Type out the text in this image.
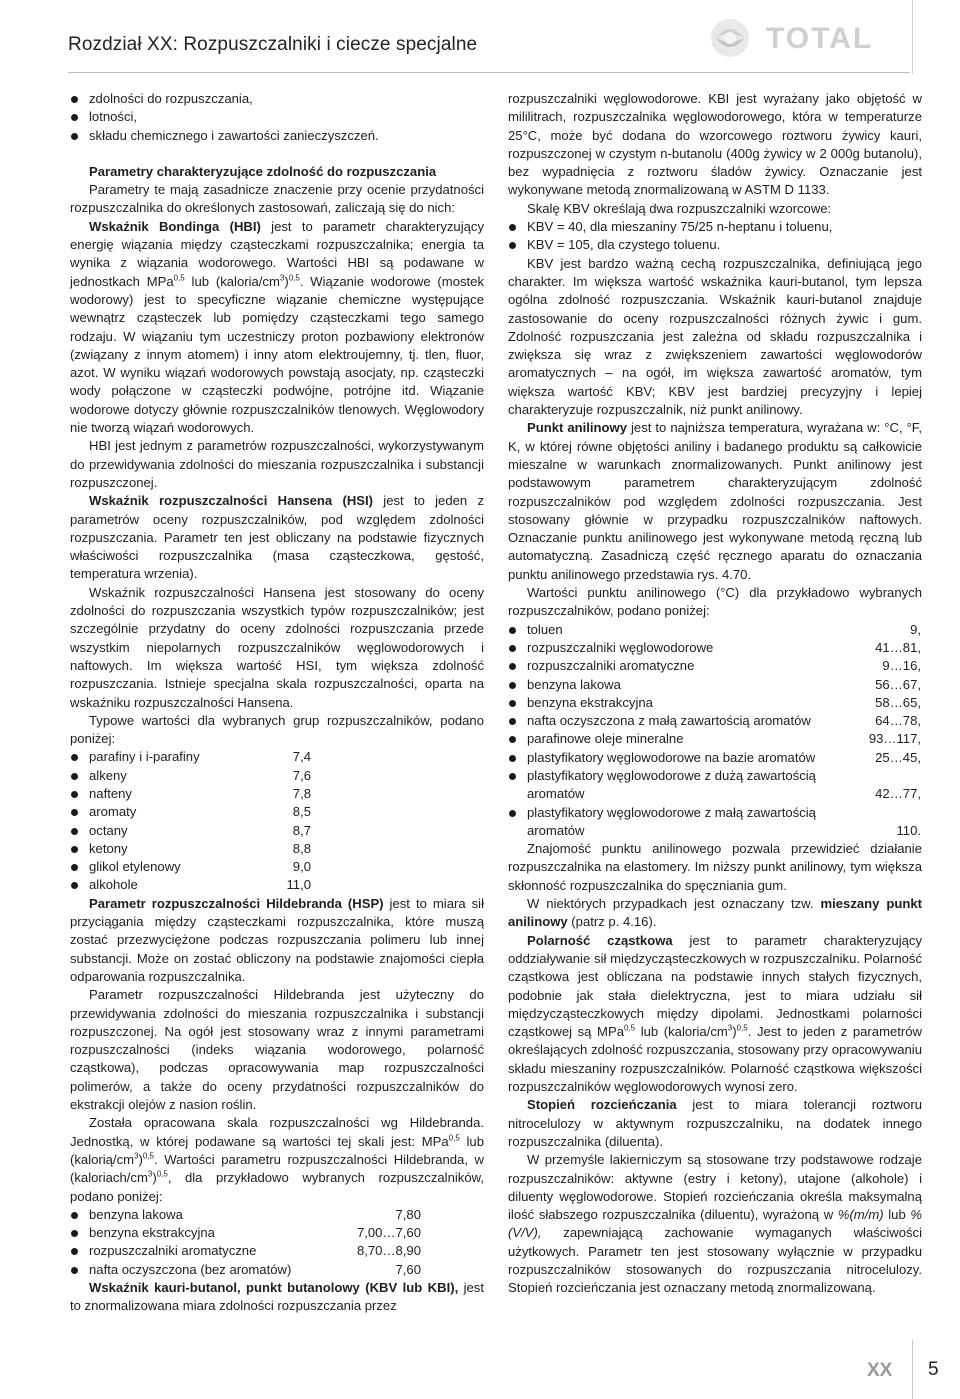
Rozdział XX: Rozpuszczalniki i ciecze specjalne	TOTAL
zdolności do rozpuszczania,
lotności,
składu chemicznego i zawartości zanieczyszczeń.

Parametry charakteryzujące zdolność do rozpuszczania

Parametry te mają zasadnicze znaczenie przy ocenie przydatności rozpuszczalnika do określonych zastosowań, zaliczają się do nich:

Wskaźnik Bondinga (HBI) jest to parametr charakteryzujący energię wiązania między cząsteczkami rozpuszczalnika; energia ta wynika z wiązania wodorowego. Wartości HBI są podawane w jednostkach MPa$^{0,5}$ lub $(kaloria/cm^3)^{0,5}$. Wiązanie wodorowe (mostek wodorowy) jest to specyficzne wiązanie chemiczne występujące wewnątrz cząsteczek lub pomiędzy cząsteczkami tego samego rodzaju. W wiązaniu tym uczestniczy proton pozbawiony elektronów (związany z innym atomem) i inny atom elektroujemny, tj. tlen, fluor, azot. W wyniku wiązań wodorowych powstają asocjaty, np. cząsteczki wody połączone w cząsteczki podwójne, potrójne itd. Wiązanie wodorowe dotyczy głównie rozpuszczalników tlenowych. Węglowodory nie tworzą wiązań wodorowych.

HBI jest jednym z parametrów rozpuszczalności, wykorzystywanym do przewidywania zdolności do mieszania rozpuszczalnika i substancji rozpuszczonej.

Wskaźnik rozpuszczalności Hansena (HSI) jest to jeden z parametrów oceny rozpuszczalników, pod względem zdolności rozpuszczania. Parametr ten jest obliczany na podstawie fizycznych właściwości rozpuszczalnika (masa cząsteczkowa, gęstość, temperatura wrzenia).

Wskaźnik rozpuszczalności Hansena jest stosowany do oceny zdolności do rozpuszczania wszystkich typów rozpuszczalników; jest szczególnie przydatny do oceny zdolności rozpuszczania przede wszystkim niepolarnych rozpuszczalników węglowodorowych i naftowych. Im większa wartość HSI, tym większa zdolność rozpuszczania. Istnieje specjalna skala rozpuszczalności, oparta na wskaźniku rozpuszczalności Hansena.

Typowe wartości dla wybranych grup rozpuszczalników, podano poniżej:

parafiny i i-parafiny	7,4
alkeny	7,6
nafteny	7,8
aromaty	8,5
octany	8,7
ketony	8,8
glikol etylenowy	9,0
alkohole	11,0

Parametr rozpuszczalności Hildebranda (HSP) jest to miara sił przyciągania między cząsteczkami rozpuszczalnika, które muszą zostać przezwyciężone podczas rozpuszczania polimeru lub innej substancji. Może on zostać obliczony na podstawie znajomości ciepła odparowania rozpuszczalnika.

Parametr rozpuszczalności Hildebranda jest użyteczny do przewidywania zdolności do mieszania rozpuszczalnika i substancji rozpuszczonej. Na ogół jest stosowany wraz z innymi parametrami rozpuszczalności (indeks wiązania wodorowego, polarność cząstkowa), podczas opracowywania map rozpuszczalności polimerów, a także do oceny przydatności rozpuszczalników do ekstrakcji olejów z nasion roślin.

Została opracowana skala rozpuszczalności wg Hildebranda. Jednostką, w której podawane są wartości tej skali jest: MPa$^{0,5}$ lub $(kalorią/cm^3)^{0,5}$. Wartości parametru rozpuszczalności Hildebranda, w $(kaloriach/cm^3)^{0,5}$, dla przykładowo wybranych rozpuszczalników, podano poniżej:

benzyna lakowa	7,80
benzyna ekstrakcyjna	7,00…7,60
rozpuszczalniki aromatyczne	8,70…8,90
nafta oczyszczona (bez aromatów)	7,60

Wskaźnik kauri-butanol, punkt butanolowy (KBV lub KBI), jest to znormalizowana miara zdolności rozpuszczania przez

rozpuszczalniki węglowodorowe. KBI jest wyrażany jako objętość w mililitrach, rozpuszczalnika węglowodorowego, która w temperaturze 25°C, może być dodana do wzorcowego roztworu żywicy kauri, rozpuszczonej w czystym n-butanolu (400g żywicy w 2 000g butanolu), bez wypadnięcia z roztworu śladów żywicy. Oznaczanie jest wykonywane metodą znormalizowaną w ASTM D 1133.

Skalę KBV określają dwa rozpuszczalniki wzorcowe:

KBV = 40, dla mieszaniny 75/25 n-heptanu i toluenu,
KBV = 105, dla czystego toluenu.

KBV jest bardzo ważną cechą rozpuszczalnika, definiującą jego charakter. Im większa wartość wskaźnika kauri-butanol, tym lepsza ogólna zdolność rozpuszczania. Wskaźnik kauri-butanol znajduje zastosowanie do oceny rozpuszczalności różnych żywic i gum. Zdolność rozpuszczania jest zależna od składu rozpuszczalnika i zwiększa się wraz z zwiększeniem zawartości węglowodorów aromatycznych – na ogół, im większa zawartość aromatów, tym większa wartość KBV; KBV jest bardziej precyzyjny i lepiej charakteryzuje rozpuszczalnik, niż punkt anilinowy.

Punkt anilinowy jest to najniższa temperatura, wyrażana w: °C, °F, K, w której równe objętości aniliny i badanego produktu są całkowicie mieszalne w warunkach znormalizowanych. Punkt anilinowy jest podstawowym parametrem charakteryzującym zdolność rozpuszczalników pod względem zdolności rozpuszczania. Jest stosowany głównie w przypadku rozpuszczalników naftowych. Oznaczanie punktu anilinowego jest wykonywane metodą ręczną lub automatyczną. Zasadniczą część ręcznego aparatu do oznaczania punktu anilinowego przedstawia rys. 4.70.

Wartości punktu anilinowego (°C) dla przykładowo wybranych rozpuszczalników, podano poniżej:

toluen	9,
rozpuszczalniki węglowodorowe	41…81,
rozpuszczalniki aromatyczne	9…16,
benzyna lakowa	56…67,
benzyna ekstrakcyjna	58…65,
nafta oczyszczona z małą zawartością aromatów	64…78,
parafinowe oleje mineralne	93…117,
plastyfikatory węglowodorowe na bazie aromatów	25…45,
plastyfikatory węglowodorowe z dużą zawartością
aromatów	42…77,
plastyfikatory węglowodorowe z małą zawartością
aromatów	110.

Znajomość punktu anilinowego pozwala przewidzieć działanie rozpuszczalnika na elastomery. Im niższy punkt anilinowy, tym większa skłonność rozpuszczalnika do spęczniania gum.

W niektórych przypadkach jest oznaczany tzw. mieszany punkt anilinowy (patrz p. 4.16).

Polarność cząstkowa jest to parametr charakteryzujący oddziaływanie sił międzycząsteczkowych w rozpuszczalniku. Polarność cząstkowa jest obliczana na podstawie innych stałych fizycznych, podobnie jak stała dielektryczna, jest to miara udziału sił międzycząsteczkowych między dipolami. Jednostkami polarności cząstkowej są MPa$^{0,5}$ lub $(kaloria/cm^3)^{0,5}$. Jest to jeden z parametrów określających zdolność rozpuszczania, stosowany przy opracowywaniu składu mieszaniny rozpuszczalników. Polarność cząstkowa większości rozpuszczalników węglowodorowych wynosi zero.

Stopień rozcieńczania jest to miara tolerancji roztworu nitrocelulozy w aktywnym rozpuszczalniku, na dodatek innego rozpuszczalnika (diluenta).

W przemyśle lakierniczym są stosowane trzy podstawowe rodzaje rozpuszczalników: aktywne (estry i ketony), utajone (alkohole) i diluenty węglowodorowe. Stopień rozcieńczania określa maksymalną ilość słabszego rozpuszczalnika (diluentu), wyrażoną w %(m/m) lub %(V/V), zapewniającą zachowanie wymaganych właściwości użytkowych. Parametr ten jest stosowany wyłącznie w przypadku rozpuszczalników stosowanych do rozpuszczania nitrocelulozy. Stopień rozcieńczania jest oznaczany metodą znormalizowaną.

XX 5
